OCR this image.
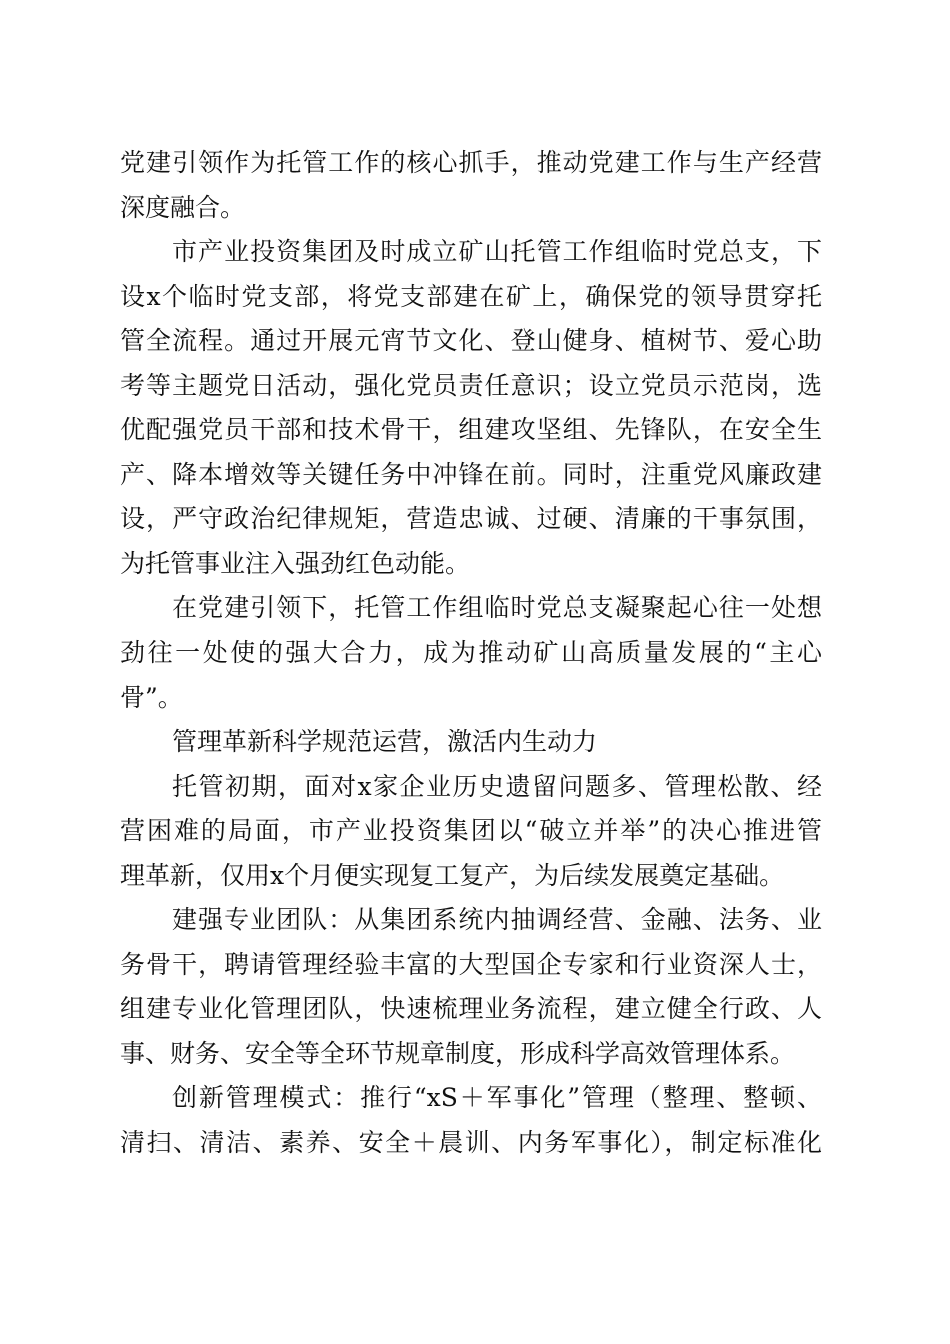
党建引领作为托管工作的核心抓手，推动党建工作与生产经营
深度融合。
市产业投资集团及时成立矿山托管工作组临时党总支，下
设x个临时党支部，将党支部建在矿上，确保党的领导贯穿托
管全流程。通过开展元宵节文化、登山健身、植树节、爱心助
考等主题党日活动，强化党员责任意识；设立党员示范岗，选
优配强党员干部和技术骨干，组建攻坚组、先锋队，在安全生
产、降本增效等关键任务中冲锋在前。同时，注重党风廉政建
设，严守政治纪律规矩，营造忠诚、过硬、清廉的干事氛围，
为托管事业注入强劲红色动能。
在党建引领下，托管工作组临时党总支凝聚起心往一处想
劲往一处使的强大合力，成为推动矿山高质量发展的“主心
骨”。
管理革新科学规范运营，激活内生动力
托管初期，面对x家企业历史遗留问题多、管理松散、经
营困难的局面，市产业投资集团以“破立并举”的决心推进管
理革新，仅用x个月便实现复工复产，为后续发展奠定基础。
建强专业团队：从集团系统内抽调经营、金融、法务、业
务骨干，聘请管理经验丰富的大型国企专家和行业资深人士，
组建专业化管理团队，快速梳理业务流程，建立健全行政、人
事、财务、安全等全环节规章制度，形成科学高效管理体系。
创新管理模式：推行“xS＋军事化”管理（整理、整顿、
清扫、清洁、素养、安全＋晨训、内务军事化），制定标准化
